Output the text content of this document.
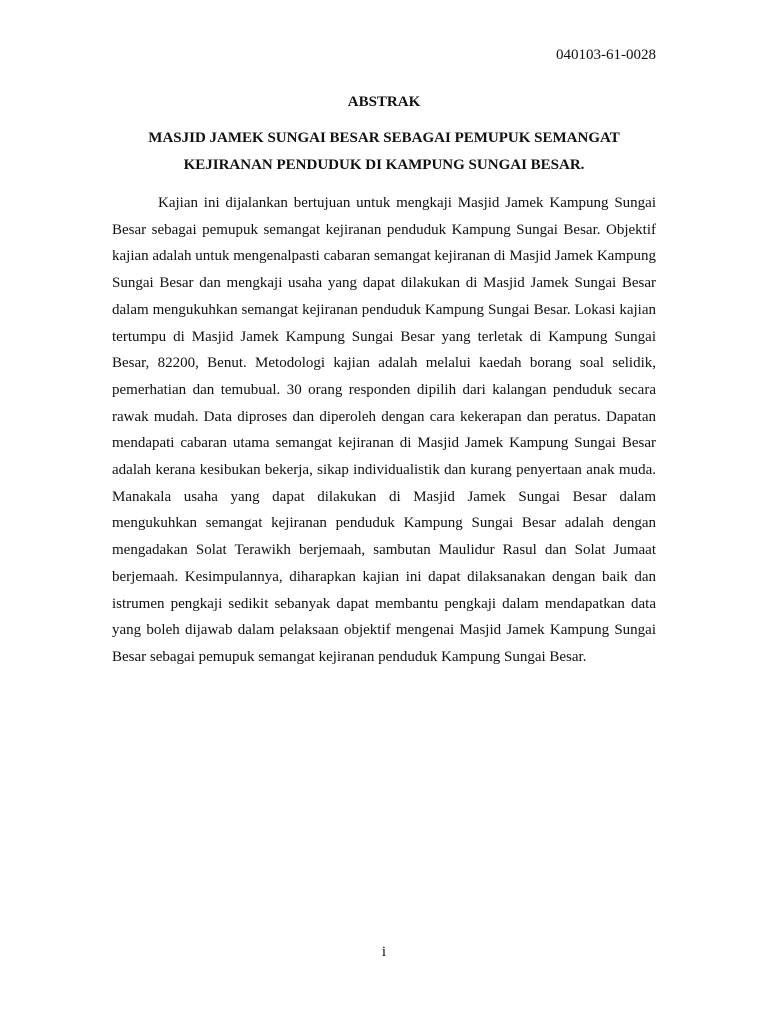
040103-61-0028
ABSTRAK
MASJID JAMEK SUNGAI BESAR SEBAGAI PEMUPUK SEMANGAT
KEJIRANAN PENDUDUK DI KAMPUNG SUNGAI BESAR.

Kajian ini dijalankan bertujuan untuk mengkaji Masjid Jamek Kampung Sungai Besar sebagai pemupuk semangat kejiranan penduduk Kampung Sungai Besar. Objektif kajian adalah untuk mengenalpasti cabaran semangat kejiranan di Masjid Jamek Kampung Sungai Besar dan mengkaji usaha yang dapat dilakukan di Masjid Jamek Sungai Besar dalam mengukuhkan semangat kejiranan penduduk Kampung Sungai Besar. Lokasi kajian tertumpu di Masjid Jamek Kampung Sungai Besar yang terletak di Kampung Sungai Besar, 82200, Benut. Metodologi kajian adalah melalui kaedah borang soal selidik, pemerhatian dan temubual. 30 orang responden dipilih dari kalangan penduduk secara rawak mudah. Data diproses dan diperoleh dengan cara kekerapan dan peratus. Dapatan mendapati cabaran utama semangat kejiranan di Masjid Jamek Kampung Sungai Besar adalah kerana kesibukan bekerja, sikap individualistik dan kurang penyertaan anak muda. Manakala usaha yang dapat dilakukan di Masjid Jamek Sungai Besar dalam mengukuhkan semangat kejiranan penduduk Kampung Sungai Besar adalah dengan mengadakan Solat Terawikh berjemaah, sambutan Maulidur Rasul dan Solat Jumaat berjemaah. Kesimpulannya, diharapkan kajian ini dapat dilaksanakan dengan baik dan istrumen pengkaji sedikit sebanyak dapat membantu pengkaji dalam mendapatkan data yang boleh dijawab dalam pelaksaan objektif mengenai Masjid Jamek Kampung Sungai Besar sebagai pemupuk semangat kejiranan penduduk Kampung Sungai Besar.

i
